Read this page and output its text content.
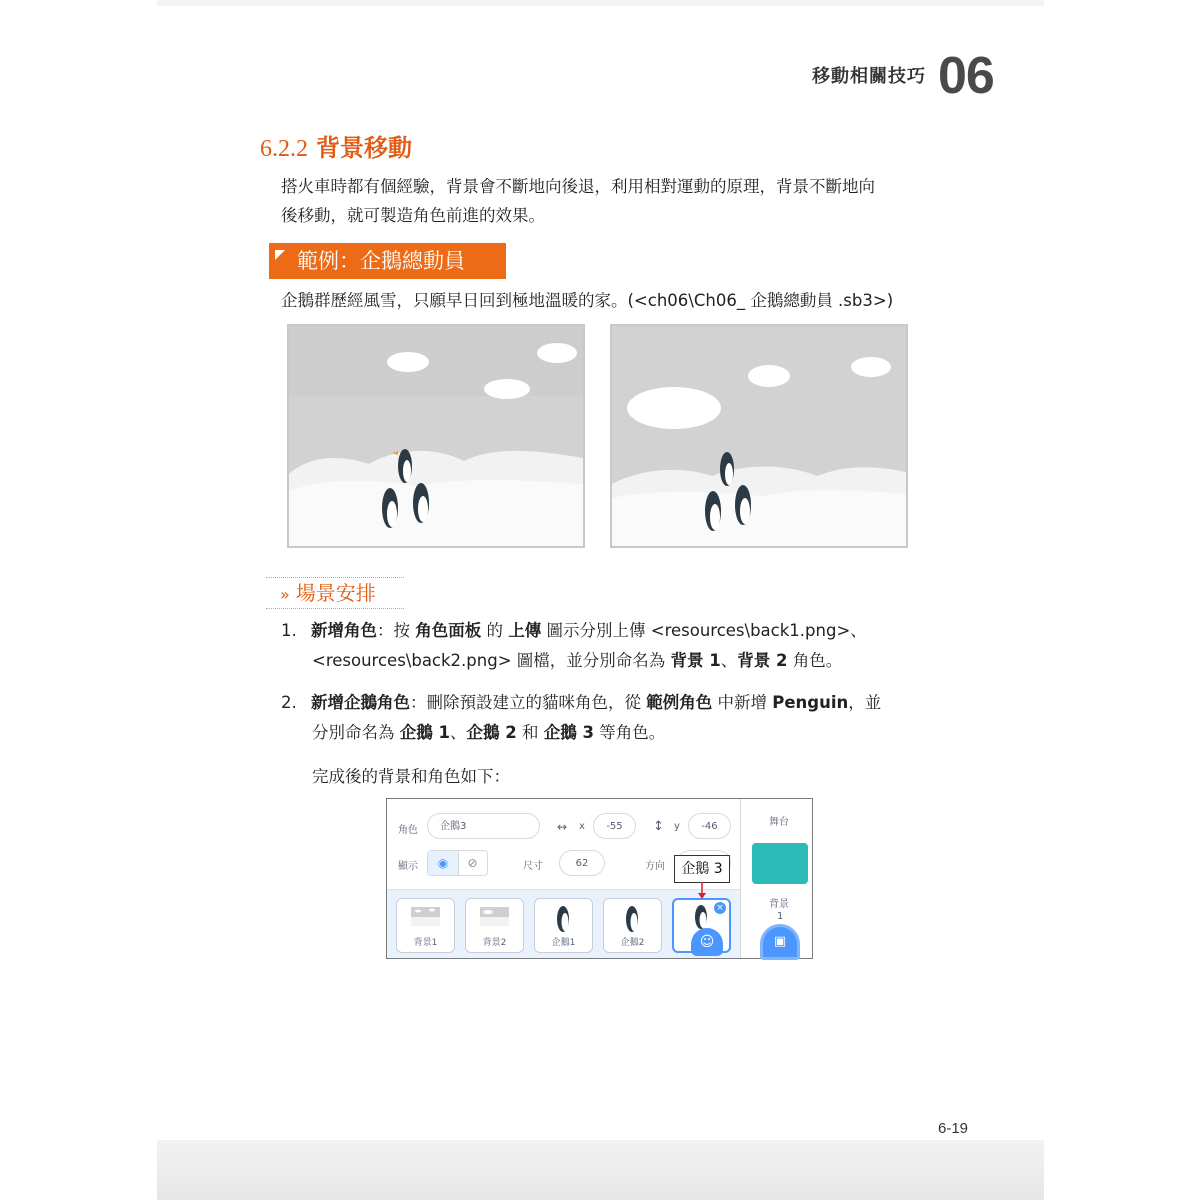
移動相關技巧 06
6.2.2 背景移動
搭火車時都有個經驗，背景會不斷地向後退，利用相對運動的原理，背景不斷地向
後移動，就可製造角色前進的效果。
範例：企鵝總動員
企鵝群歷經風雪，只願早日回到極地溫暖的家。(<ch06\Ch06_ 企鵝總動員 .sb3>)
» 場景安排
1. 新增角色：按 角色面板 的 上傳 圖示分別上傳 <resources\back1.png>、
<resources\back2.png> 圖檔，並分別命名為 背景 1、背景 2 角色。
2. 新增企鵝角色：刪除預設建立的貓咪角色，從 範例角色 中新增 Penguin，並
分別命名為 企鵝 1、企鵝 2 和 企鵝 3 等角色。
完成後的背景和角色如下：
角色	企鵝3	↔ x	-55	↕ y	-46
顯示	◉	⊘	尺寸	62	方向
背景1	背景2	企鵝1	企鵝2
×
舞台
背景
1
☺	▣
企鵝 3
6-19
